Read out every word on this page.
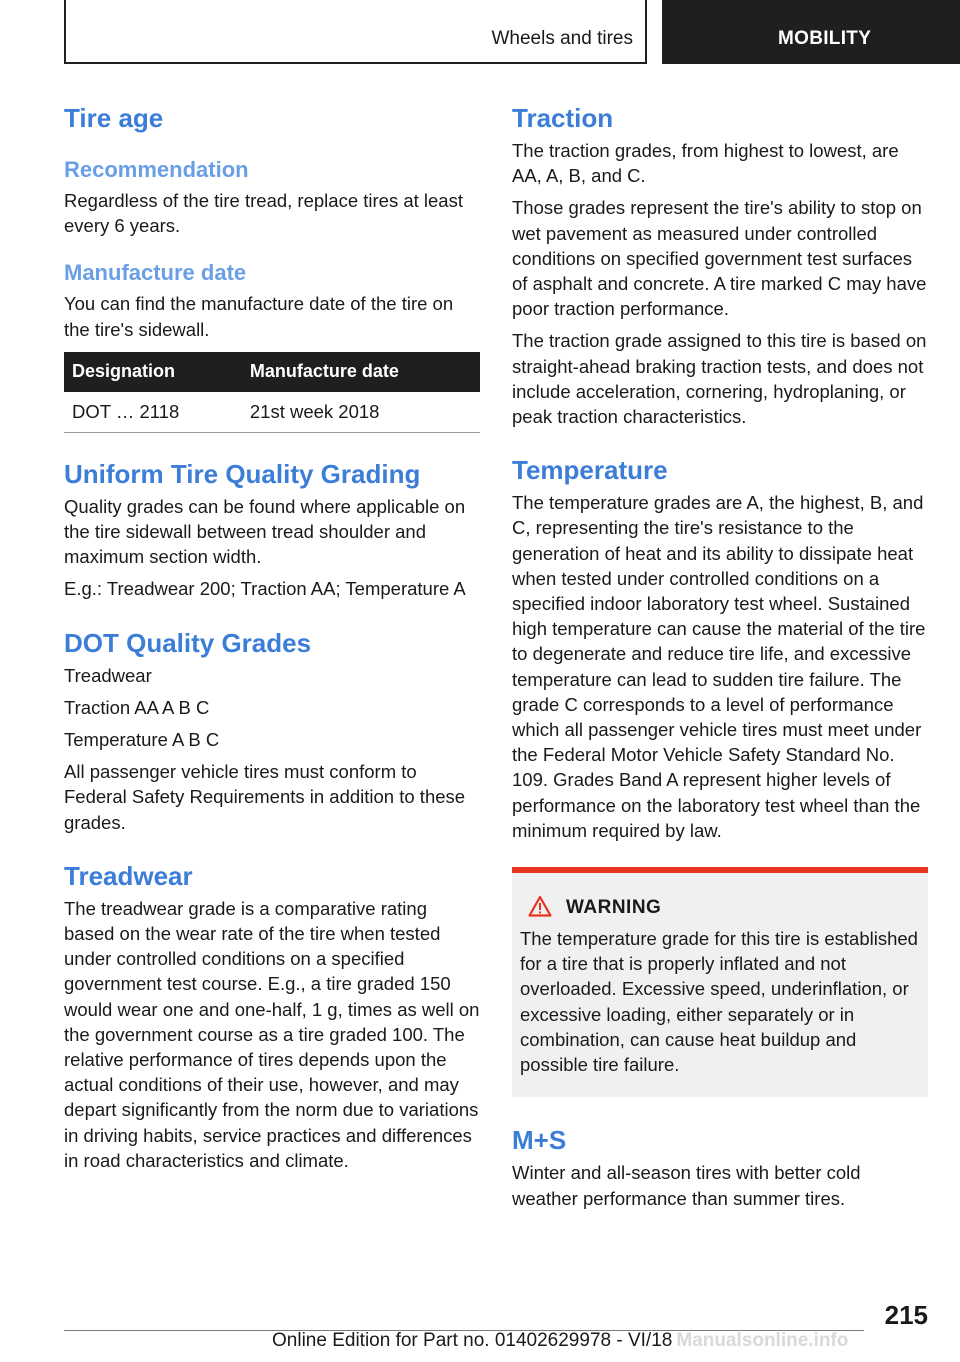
Wheels and tires	MOBILITY
Tire age
Recommendation

Regardless of the tire tread, replace tires at least every 6 years.

Manufacture date

You can find the manufacture date of the tire on the tire's sidewall.

Designation	Manufacture date
DOT … 2118	21st week 2018
Uniform Tire Quality Grading

Quality grades can be found where applicable on the tire sidewall between tread shoulder and maximum section width.

E.g.: Treadwear 200; Traction AA; Temperature A

DOT Quality Grades

Treadwear

Traction AA A B C

Temperature A B C

All passenger vehicle tires must conform to Federal Safety Requirements in addition to these grades.

Treadwear

The treadwear grade is a comparative rating based on the wear rate of the tire when tested under controlled conditions on a specified government test course. E.g., a tire graded 150 would wear one and one-half, 1 g, times as well on the government course as a tire graded 100. The relative performance of tires depends upon the actual conditions of their use, however, and may depart significantly from the norm due to variations in driving habits, service practices and differences in road characteristics and climate.

Traction

The traction grades, from highest to lowest, are AA, A, B, and C.

Those grades represent the tire's ability to stop on wet pavement as measured under controlled conditions on specified government test surfaces of asphalt and concrete. A tire marked C may have poor traction performance.

The traction grade assigned to this tire is based on straight-ahead braking traction tests, and does not include acceleration, cornering, hydroplaning, or peak traction characteristics.

Temperature

The temperature grades are A, the highest, B, and C, representing the tire's resistance to the generation of heat and its ability to dissipate heat when tested under controlled conditions on a specified indoor laboratory test wheel. Sustained high temperature can cause the material of the tire to degenerate and reduce tire life, and excessive temperature can lead to sudden tire failure. The grade C corresponds to a level of performance which all passenger vehicle tires must meet under the Federal Motor Vehicle Safety Standard No. 109. Grades Band A represent higher levels of performance on the laboratory test wheel than the minimum required by law.

WARNING

The temperature grade for this tire is established for a tire that is properly inflated and not overloaded. Excessive speed, underinflation, or excessive loading, either separately or in combination, can cause heat buildup and possible tire failure.

M+S

Winter and all-season tires with better cold weather performance than summer tires.

215
Online Edition for Part no. 01402629978 - VI/18 Manualsonline.info
